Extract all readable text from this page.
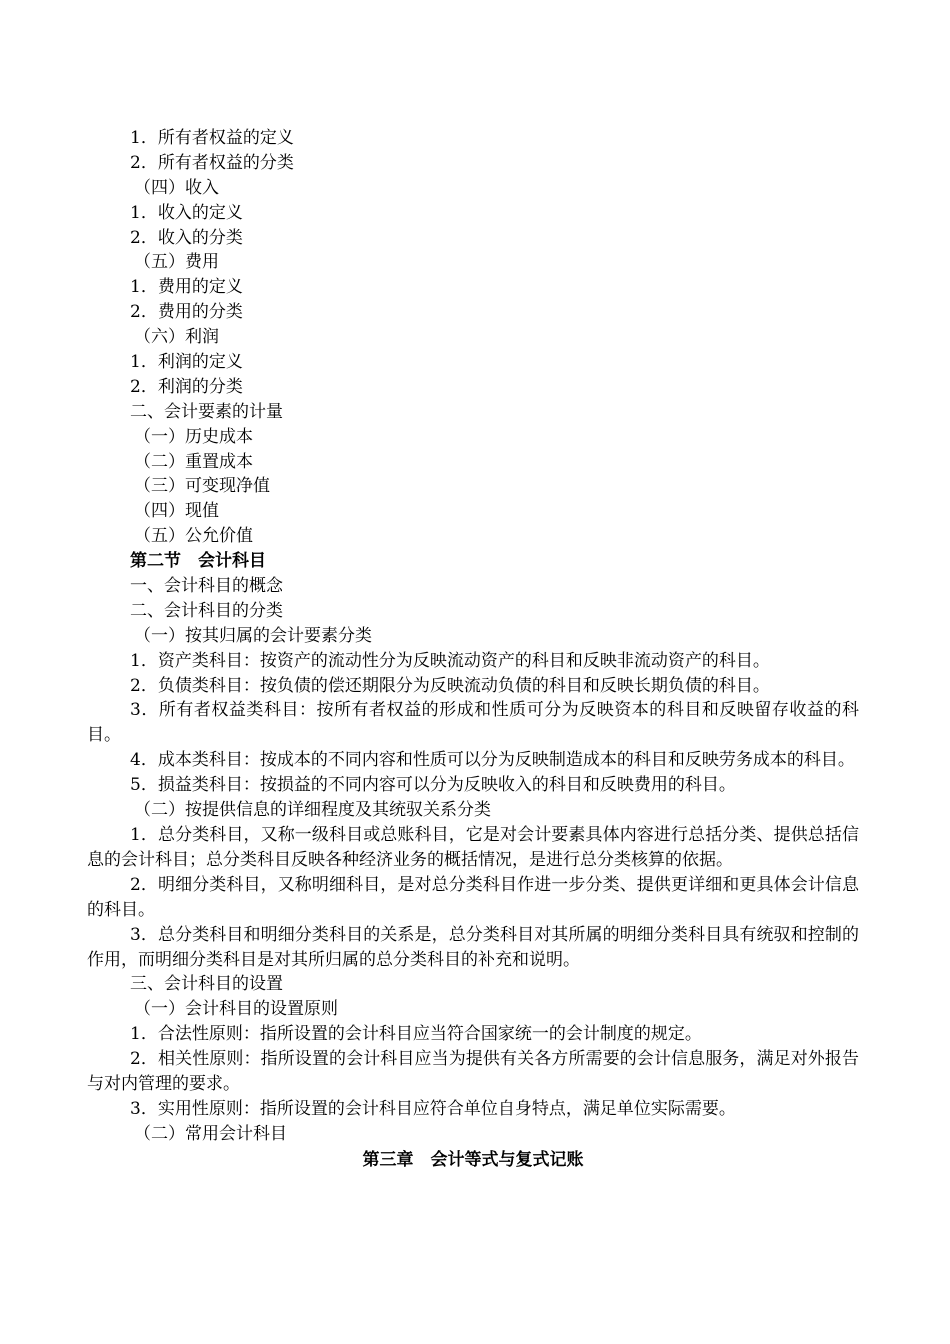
1．所有者权益的定义
2．所有者权益的分类
（四）收入
1．收入的定义
2．收入的分类
（五）费用
1．费用的定义
2．费用的分类
（六）利润
1．利润的定义
2．利润的分类
二、会计要素的计量
（一）历史成本
（二）重置成本
（三）可变现净值
（四）现值
（五）公允价值
第二节　会计科目
一、会计科目的概念
二、会计科目的分类
（一）按其归属的会计要素分类
1．资产类科目：按资产的流动性分为反映流动资产的科目和反映非流动资产的科目。
2．负债类科目：按负债的偿还期限分为反映流动负债的科目和反映长期负债的科目。
3．所有者权益类科目：按所有者权益的形成和性质可分为反映资本的科目和反映留存收益的科目。
4．成本类科目：按成本的不同内容和性质可以分为反映制造成本的科目和反映劳务成本的科目。
5．损益类科目：按损益的不同内容可以分为反映收入的科目和反映费用的科目。
（二）按提供信息的详细程度及其统驭关系分类
1．总分类科目，又称一级科目或总账科目，它是对会计要素具体内容进行总括分类、提供总括信息的会计科目；总分类科目反映各种经济业务的概括情况，是进行总分类核算的依据。
2．明细分类科目，又称明细科目，是对总分类科目作进一步分类、提供更详细和更具体会计信息的科目。
3．总分类科目和明细分类科目的关系是，总分类科目对其所属的明细分类科目具有统驭和控制的作用，而明细分类科目是对其所归属的总分类科目的补充和说明。
三、会计科目的设置
（一）会计科目的设置原则
1．合法性原则：指所设置的会计科目应当符合国家统一的会计制度的规定。
2．相关性原则：指所设置的会计科目应当为提供有关各方所需要的会计信息服务，满足对外报告与对内管理的要求。
3．实用性原则：指所设置的会计科目应符合单位自身特点，满足单位实际需要。
（二）常用会计科目
第三章　会计等式与复式记账
